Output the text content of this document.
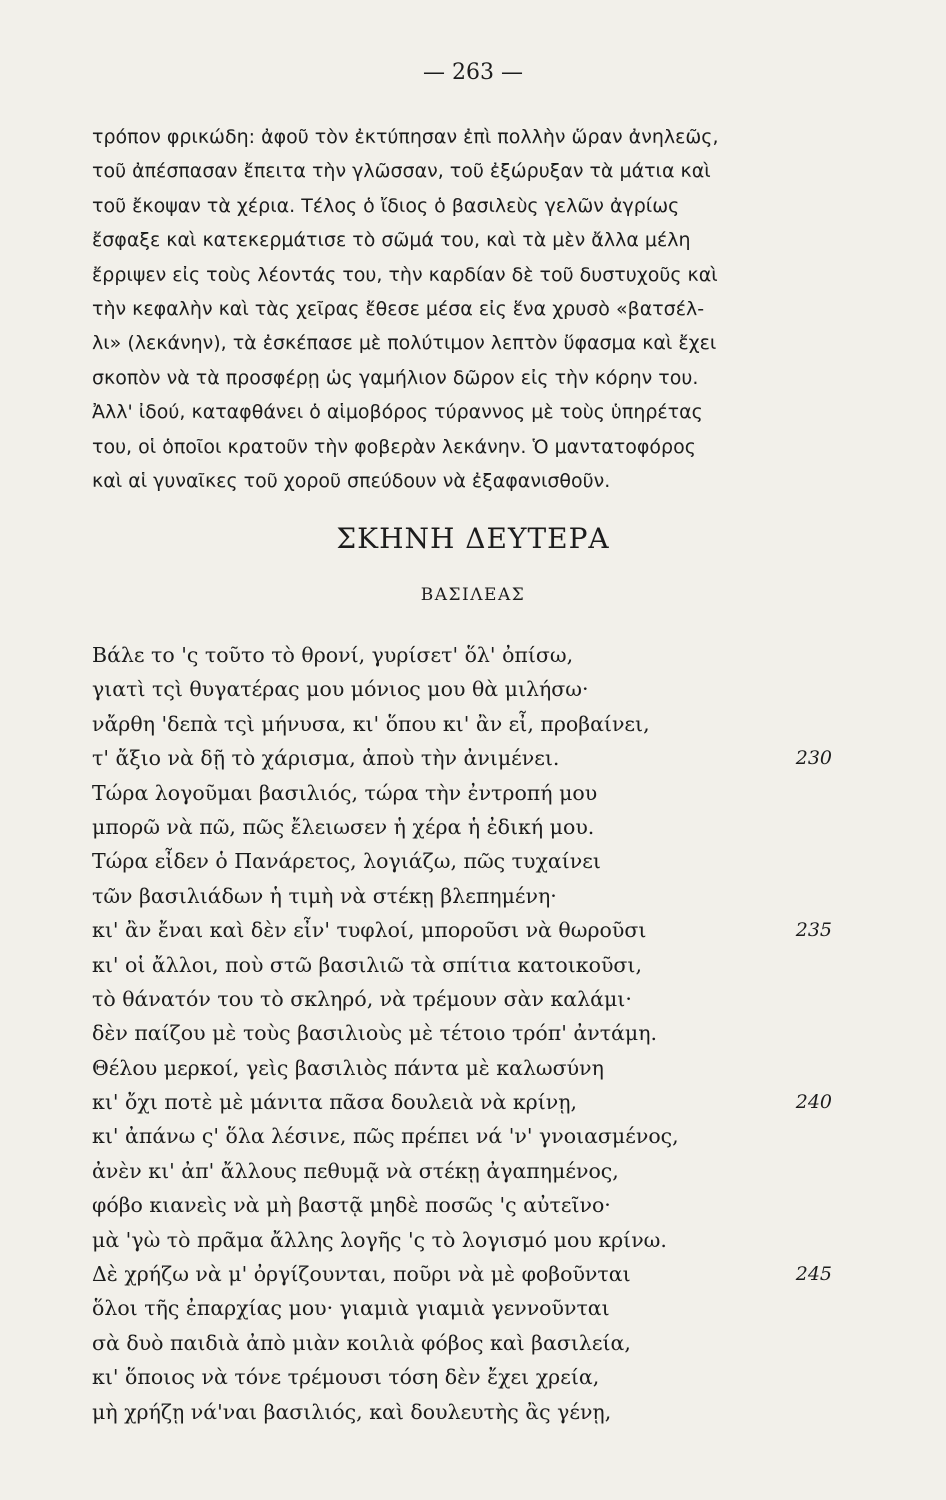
— 263 —
τρόπον φρικώδη: ἀφοῦ τὸν ἐκτύπησαν ἐπὶ πολλὴν ὥραν ἀνηλεῶς,
τοῦ ἀπέσπασαν ἔπειτα τὴν γλῶσσαν, τοῦ ἐξώρυξαν τὰ μάτια καὶ
τοῦ ἔκοψαν τὰ χέρια. Τέλος ὁ ἴδιος ὁ βασιλεὺς γελῶν ἀγρίως
ἔσφαξε καὶ κατεκερμάτισε τὸ σῶμά του, καὶ τὰ μὲν ἄλλα μέλη
ἔρριψεν εἰς τοὺς λέοντάς του, τὴν καρδίαν δὲ τοῦ δυστυχοῦς καὶ
τὴν κεφαλὴν καὶ τὰς χεῖρας ἔθεσε μέσα εἰς ἕνα χρυσὸ «βατσέλ-
λι» (λεκάνην), τὰ ἐσκέπασε μὲ πολύτιμον λεπτὸν ὕφασμα καὶ ἔχει
σκοπὸν νὰ τὰ προσφέρῃ ὡς γαμήλιον δῶρον εἰς τὴν κόρην του.
Ἀλλ' ἰδού, καταφθάνει ὁ αἱμοβόρος τύραννος μὲ τοὺς ὑπηρέτας
του, οἱ ὁποῖοι κρατοῦν τὴν φοβερὰν λεκάνην. Ὁ μαντατοφόρος
καὶ αἱ γυναῖκες τοῦ χοροῦ σπεύδουν νὰ ἐξαφανισθοῦν.
ΣΚΗΝΗ ΔΕΥΤΕΡΑ
ΒΑΣΙΛΕΑΣ
Βάλε το 'ς τοῦτο τὸ θρονί, γυρίσετ' ὅλ' ὀπίσω,
γιατὶ τςὶ θυγατέρας μου μόνιος μου θὰ μιλήσω·
νἄρθη 'δεπὰ τςὶ μήνυσα, κι' ὅπου κι' ἂν εἶ, προβαίνει,
τ' ἄξιο νὰ δῇ τὸ χάρισμα, ἁποὺ τὴν ἀνιμένει.	230
Τώρα λογοῦμαι βασιλιός, τώρα τὴν ἐντροπή μου
μπορῶ νὰ πῶ, πῶς ἔλειωσεν ἡ χέρα ἡ ἐδική μου.
Τώρα εἶδεν ὁ Πανάρετος, λογιάζω, πῶς τυχαίνει
τῶν βασιλιάδων ἡ τιμὴ νὰ στέκῃ βλεπημένη·
κι' ἂν ἔναι καὶ δὲν εἶν' τυφλοί, μποροῦσι νὰ θωροῦσι	235
κι' οἱ ἄλλοι, ποὺ στῶ βασιλιῶ τὰ σπίτια κατοικοῦσι,
τὸ θάνατόν του τὸ σκληρό, νὰ τρέμουν σὰν καλάμι·
δὲν παίζου μὲ τοὺς βασιλιοὺς μὲ τέτοιο τρόπ' ἀντάμη.
Θέλου μερκοί, γεὶς βασιλιὸς πάντα μὲ καλωσύνη
κι' ὄχι ποτὲ μὲ μάνιτα πᾶσα δουλειὰ νὰ κρίνῃ,	240
κι' ἀπάνω ς' ὅλα λέσινε, πῶς πρέπει νά 'ν' γνοιασμένος,
ἀνὲν κι' ἀπ' ἄλλους πεθυμᾷ νὰ στέκῃ ἀγαπημένος,
φόβο κιανεὶς νὰ μὴ βαστᾷ μηδὲ ποσῶς 'ς αὐτεῖνο·
μὰ 'γὼ τὸ πρᾶμα ἄλλης λογῆς 'ς τὸ λογισμό μου κρίνω.
Δὲ χρήζω νὰ μ' ὀργίζουνται, ποῦρι νὰ μὲ φοβοῦνται	245
ὅλοι τῆς ἐπαρχίας μου· γιαμιὰ γιαμιὰ γεννοῦνται
σὰ δυὸ παιδιὰ ἀπὸ μιὰν κοιλιὰ φόβος καὶ βασιλεία,
κι' ὅποιος νὰ τόνε τρέμουσι τόση δὲν ἔχει χρεία,
μὴ χρήζῃ νά'ναι βασιλιός, καὶ δουλευτὴς ἂς γένῃ,
